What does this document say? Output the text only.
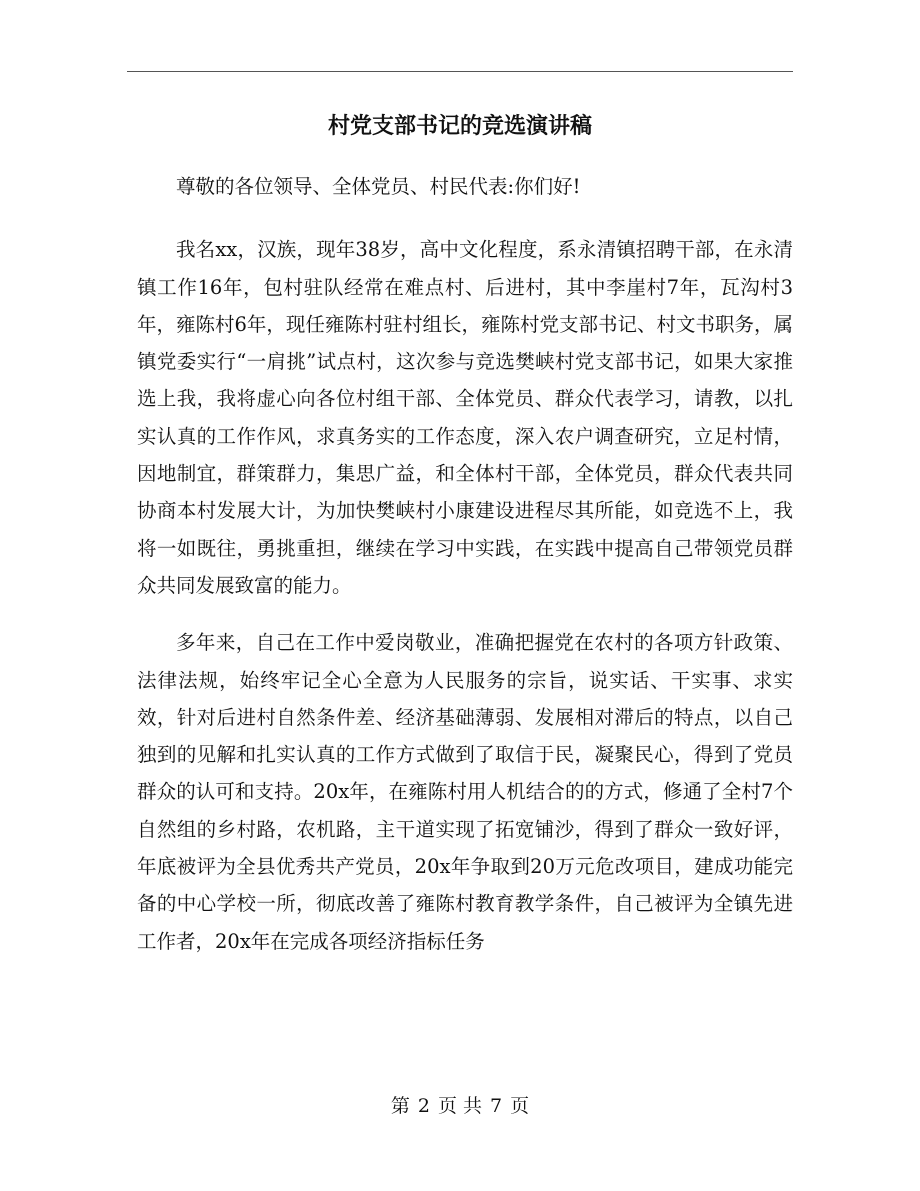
村党支部书记的竞选演讲稿

尊敬的各位领导、全体党员、村民代表:你们好!

我名xx，汉族，现年38岁，高中文化程度，系永清镇招聘干部，在永清镇工作16年，包村驻队经常在难点村、后进村，其中李崖村7年，瓦沟村3年，雍陈村6年，现任雍陈村驻村组长，雍陈村党支部书记、村文书职务，属镇党委实行“一肩挑”试点村，这次参与竞选樊峡村党支部书记，如果大家推选上我，我将虚心向各位村组干部、全体党员、群众代表学习，请教，以扎实认真的工作作风，求真务实的工作态度，深入农户调查研究，立足村情，因地制宜，群策群力，集思广益，和全体村干部，全体党员，群众代表共同协商本村发展大计，为加快樊峡村小康建设进程尽其所能，如竞选不上，我将一如既往，勇挑重担，继续在学习中实践，在实践中提高自己带领党员群众共同发展致富的能力。

多年来，自己在工作中爱岗敬业，准确把握党在农村的各项方针政策、法律法规，始终牢记全心全意为人民服务的宗旨，说实话、干实事、求实效，针对后进村自然条件差、经济基础薄弱、发展相对滞后的特点，以自己独到的见解和扎实认真的工作方式做到了取信于民，凝聚民心，得到了党员群众的认可和支持。20x年，在雍陈村用人机结合的的方式，修通了全村7个自然组的乡村路，农机路，主干道实现了拓宽铺沙，得到了群众一致好评，年底被评为全县优秀共产党员，20x年争取到20万元危改项目，建成功能完备的中心学校一所，彻底改善了雍陈村教育教学条件，自己被评为全镇先进工作者，20x年在完成各项经济指标任务

第 2 页 共 7 页
